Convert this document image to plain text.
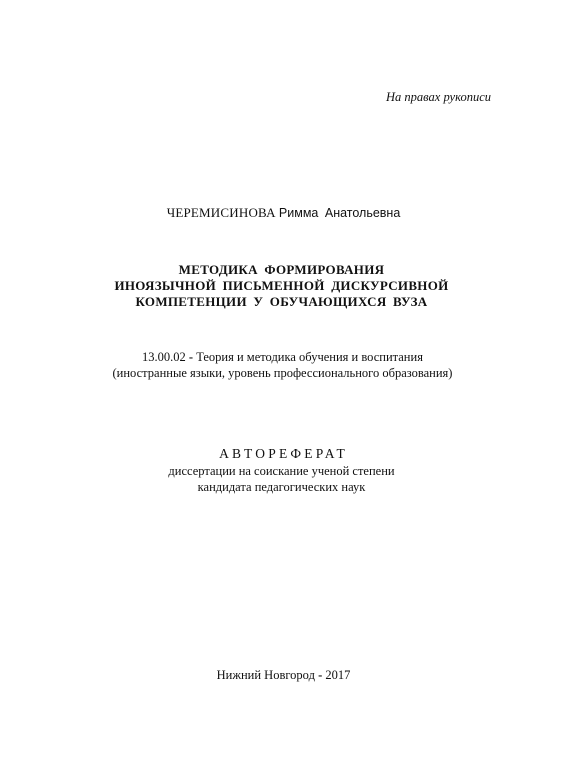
На правах рукописи
ЧЕРЕМИСИНОВА Римма Анатольевна
МЕТОДИКА ФОРМИРОВАНИЯ
ИНОЯЗЫЧНОЙ ПИСЬМЕННОЙ ДИСКУРСИВНОЙ
КОМПЕТЕНЦИИ У ОБУЧАЮЩИХСЯ ВУЗА
13.00.02 - Теория и методика обучения и воспитания
(иностранные языки, уровень профессионального образования)
АВТОРЕФЕРАТ
диссертации на соискание ученой степени
кандидата педагогических наук
Нижний Новгород - 2017
